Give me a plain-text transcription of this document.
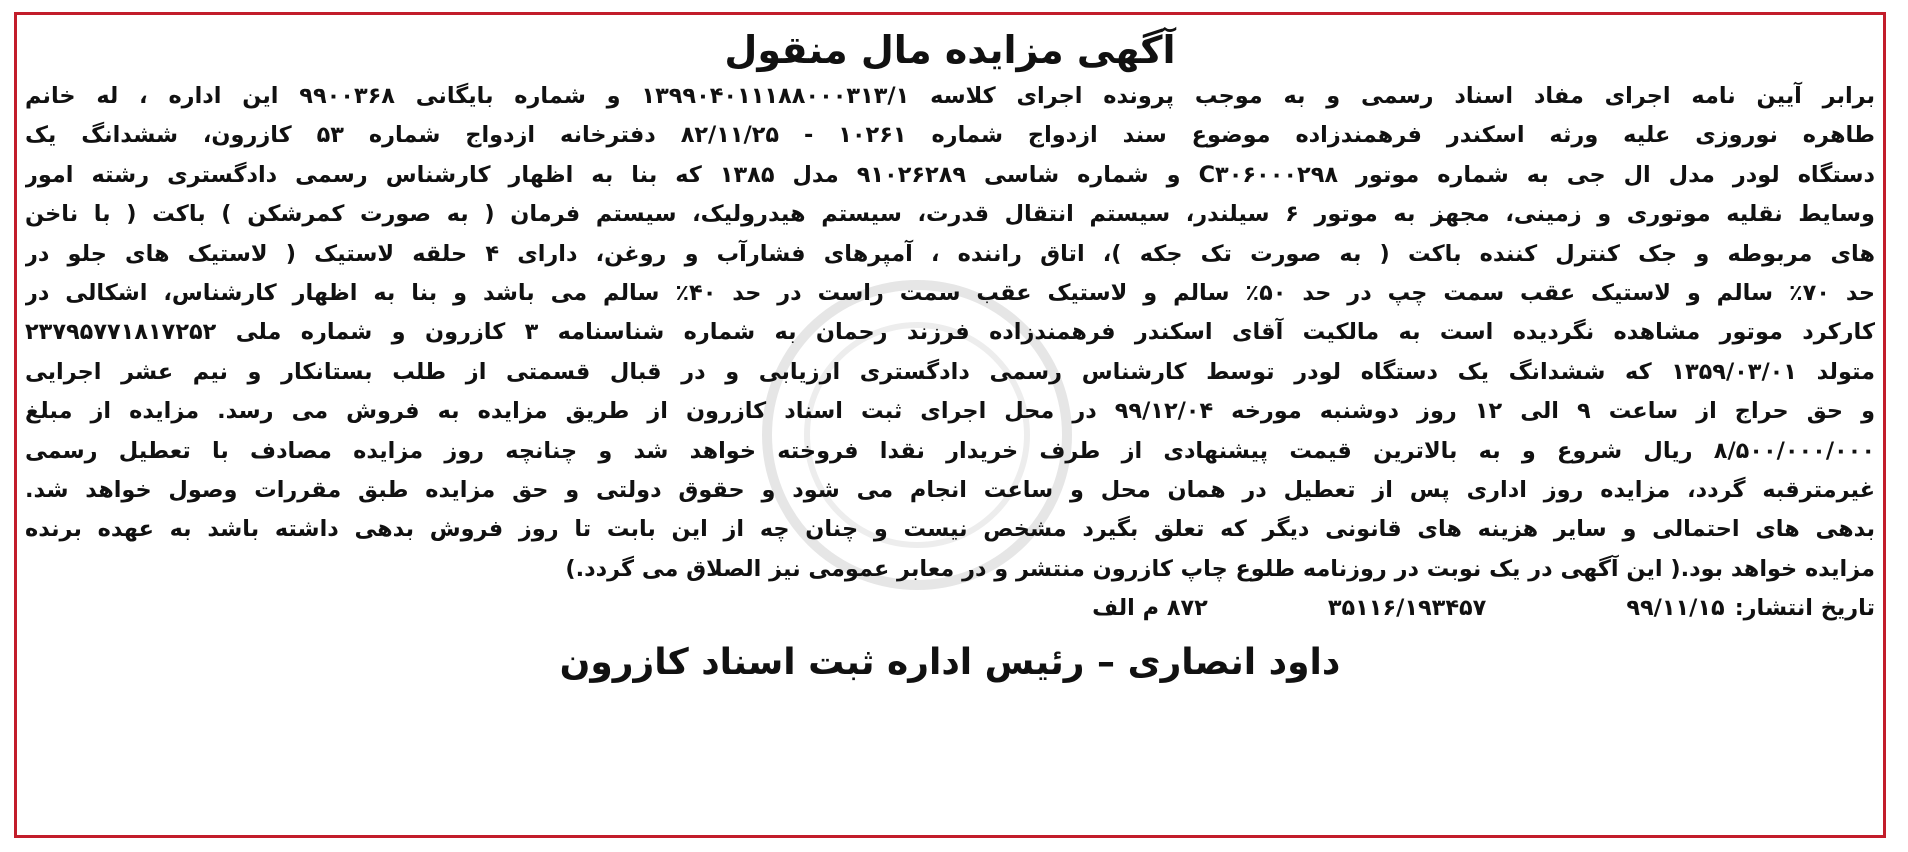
آگهی مزایده مال منقول
برابر آیین نامه اجرای مفاد اسناد رسمی و به موجب پرونده اجرای کلاسه ۱۳۹۹۰۴۰۱۱۱۸۸۰۰۰۳۱۳/۱ و شماره بایگانی ۹۹۰۰۳۶۸ این اداره ، له خانم
طاهره نوروزی علیه ورثه اسکندر فرهمندزاده موضوع سند ازدواج شماره ۱۰۲۶۱ - ۸۲/۱۱/۲۵ دفترخانه ازدواج شماره ۵۳ کازرون، ششدانگ یک
دستگاه لودر مدل ال جی به شماره موتور C۳۰۶۰۰۰۲۹۸ و شماره شاسی ۹۱۰۲۶۲۸۹ مدل ۱۳۸۵ که بنا به اظهار کارشناس رسمی دادگستری رشته امور
وسایط نقلیه موتوری و زمینی، مجهز به موتور ۶ سیلندر، سیستم انتقال قدرت، سیستم هیدرولیک، سیستم فرمان ( به صورت کمرشکن ) باکت ( با ناخن
های مربوطه و جک کنترل کننده باکت ( به صورت تک جکه )، اتاق راننده ، آمپرهای فشارآب و روغن، دارای ۴ حلقه لاستیک ( لاستیک های جلو در
حد ۷۰٪ سالم و لاستیک عقب سمت چپ در حد ۵۰٪ سالم و لاستیک عقب سمت راست در حد ۴۰٪ سالم می باشد و بنا به اظهار کارشناس، اشکالی در
کارکرد موتور مشاهده نگردیده است به مالکیت آقای اسکندر فرهمندزاده فرزند رحمان به شماره شناسنامه ۳ کازرون و شماره ملی ۲۳۷۹۵۷۷۱۸۱۷۲۵۲
متولد ۱۳۵۹/۰۳/۰۱ که ششدانگ یک دستگاه لودر توسط کارشناس رسمی دادگستری ارزیابی و در قبال قسمتی از طلب بستانکار و نیم عشر اجرایی
و حق حراج از ساعت ۹ الی ۱۲ روز دوشنبه مورخه ۹۹/۱۲/۰۴ در محل اجرای ثبت اسناد کازرون از طریق مزایده به فروش می رسد. مزایده از مبلغ
۸/۵۰۰/۰۰۰/۰۰۰ ریال شروع و به بالاترین قیمت پیشنهادی از طرف خریدار نقدا فروخته خواهد شد و چنانچه روز مزایده مصادف با تعطیل رسمی
غیرمترقبه گردد، مزایده روز اداری پس از تعطیل در همان محل و ساعت انجام می شود و حقوق دولتی و حق مزایده طبق مقررات وصول خواهد شد.
بدهی های احتمالی و سایر هزینه های قانونی دیگر که تعلق بگیرد مشخص نیست و چنان چه از این بابت تا روز فروش بدهی داشته باشد به عهده برنده
مزایده خواهد بود.( این آگهی در یک نوبت در روزنامه طلوع چاپ کازرون منتشر و در معابر عمومی نیز الصلاق می گردد.)
تاریخ انتشار:
۹۹/۱۱/۱۵
۳۵۱۱۶/۱۹۳۴۵۷
۸۷۲ م الف
داود انصاری – رئیس اداره ثبت اسناد کازرون
